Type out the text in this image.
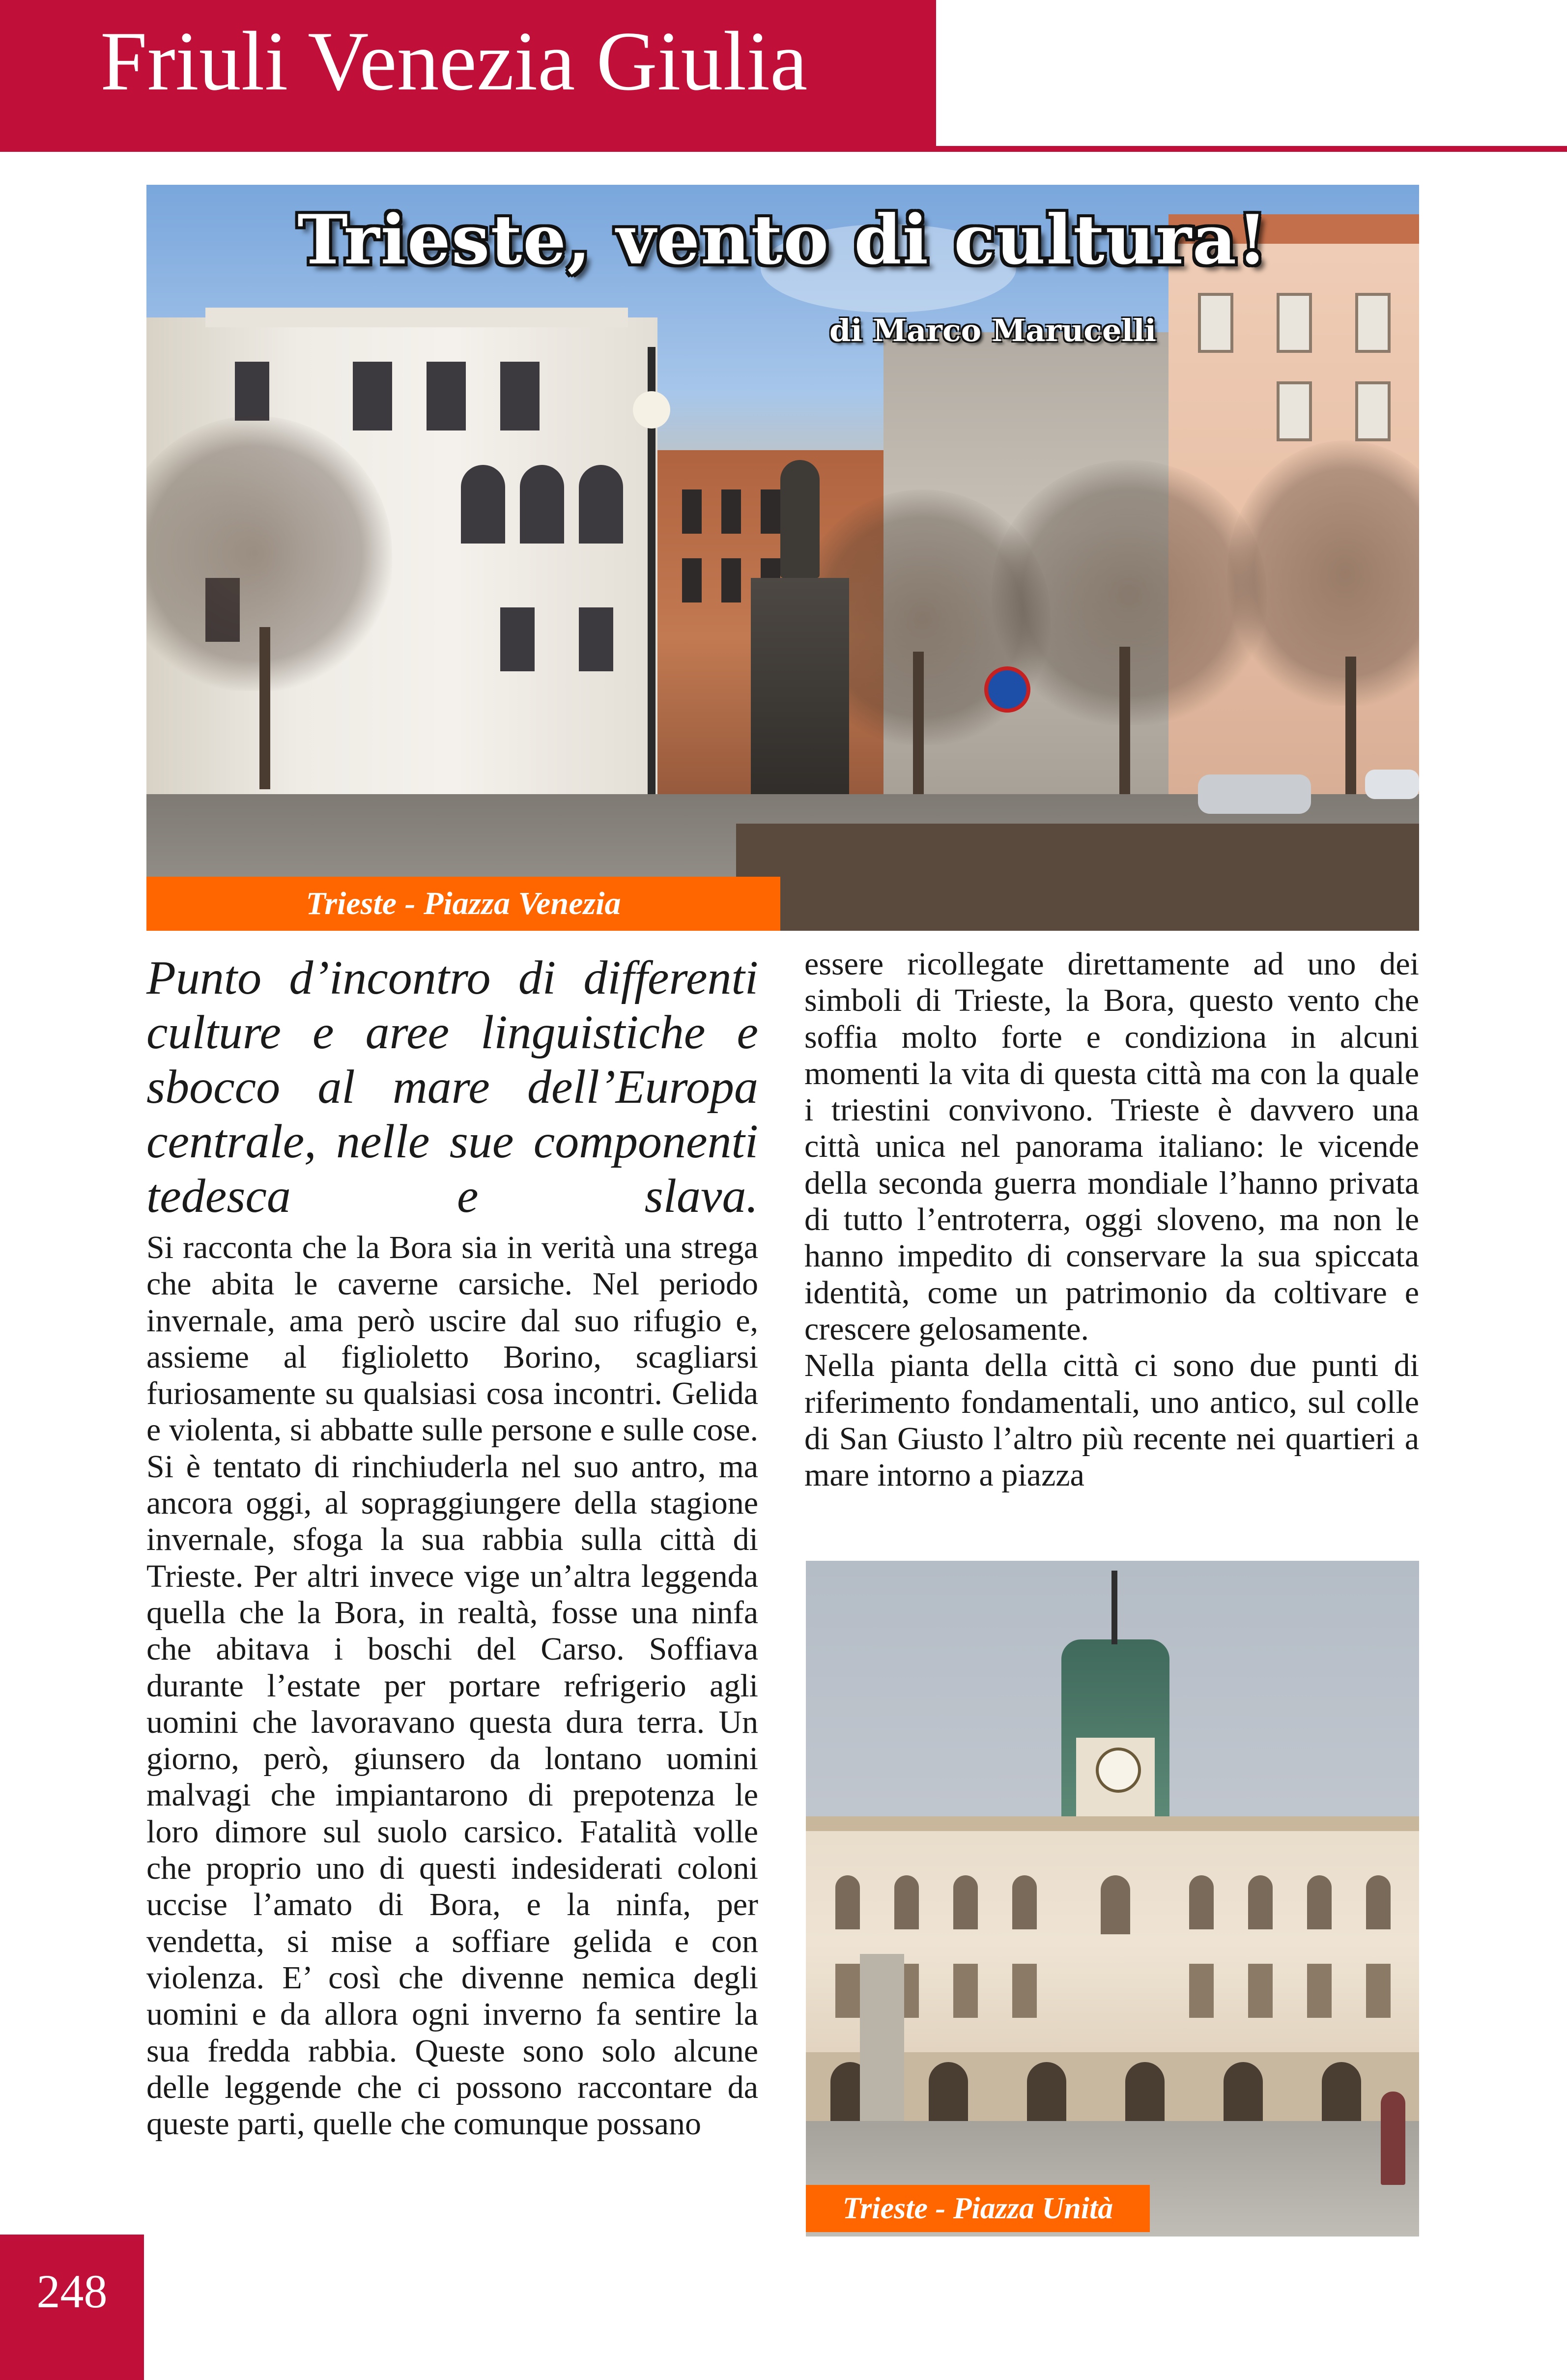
Friuli Venezia Giulia
Trieste, vento di cultura!
di Marco Marucelli
Trieste - Piazza Venezia
Punto d’incontro di differenti culture e aree linguistiche e sbocco al mare dell’Europa centrale, nelle sue componenti tedesca e slava.

Si racconta che la Bora sia in verità una strega che abita le caverne carsiche. Nel periodo invernale, ama però uscire dal suo rifugio e, assieme al figlioletto Borino, scagliarsi furiosamente su qualsiasi cosa incontri. Gelida e violenta, si abbatte sulle persone e sulle cose. Si è tentato di rinchiuderla nel suo antro, ma ancora oggi, al sopraggiungere della stagione invernale, sfoga la sua rabbia sulla città di Trieste. Per altri invece vige un’altra leggenda quella che la Bora, in realtà, fosse una ninfa che abitava i boschi del Carso. Soffiava durante l’estate per portare refrigerio agli uomini che lavoravano questa dura terra. Un giorno, però, giunsero da lontano uomini malvagi che impiantarono di prepotenza le loro dimore sul suolo carsico. Fatalità volle che proprio uno di questi indesiderati coloni uccise l’amato di Bora, e la ninfa, per vendetta, si mise a soffiare gelida e con violenza. E’ così che divenne nemica degli uomini e da allora ogni inverno fa sentire la sua fredda rabbia. Queste sono solo alcune delle leggende che ci possono raccontare da queste parti, quelle che comunque possano

essere ricollegate direttamente ad uno dei simboli di Trieste, la Bora, questo vento che soffia molto forte e condiziona in alcuni momenti la vita di questa città ma con la quale i triestini convivono. Trieste è davvero una città unica nel panorama italiano: le vicende della seconda guerra mondiale l’hanno privata di tutto l’entroterra, oggi sloveno, ma non le hanno impedito di conservare la sua spiccata identità, come un patrimonio da coltivare e crescere gelosamente.

Nella pianta della città ci sono due punti di riferimento fondamentali, uno antico, sul colle di San Giusto l’altro più recente nei quartieri a mare intorno a piazza

Trieste - Piazza Unità
248
